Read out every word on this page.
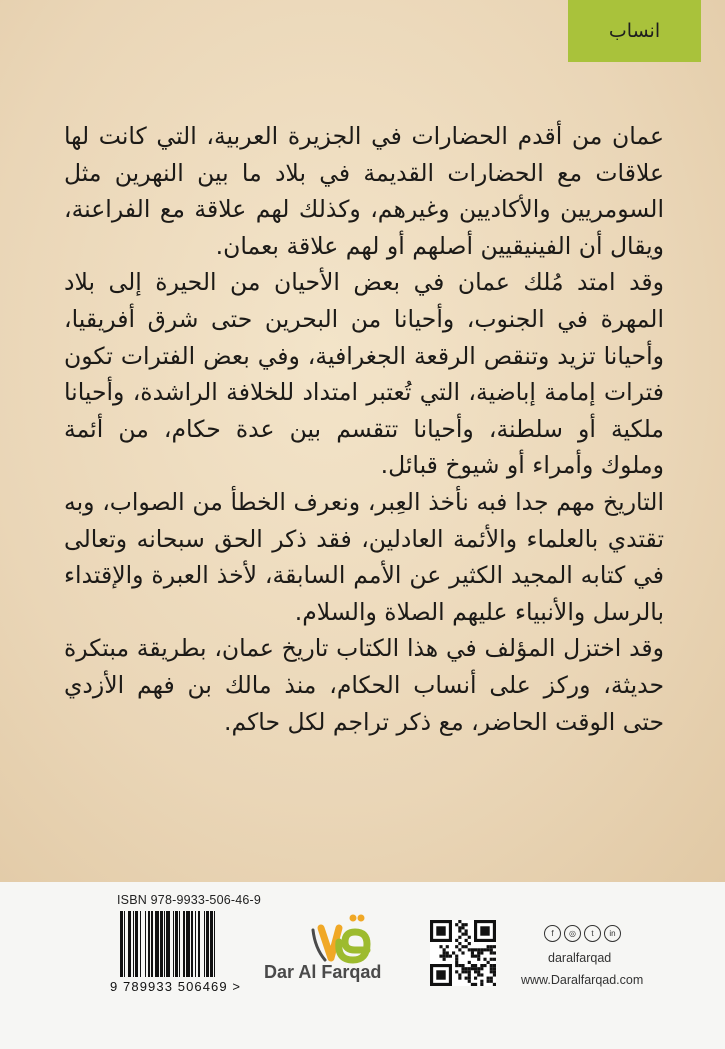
انساب

عمان من أقدم الحضارات في الجزيرة العربية، التي كانت لها علاقات مع الحضارات القديمة في بلاد ما بين النهرين مثل السومريين والأكاديين وغيرهم، وكذلك لهم علاقة مع الفراعنة، ويقال أن الفينيقيين أصلهم أو لهم علاقة بعمان.

وقد امتد مُلك عمان في بعض الأحيان من الحيرة إلى بلاد المهرة في الجنوب، وأحيانا من البحرين حتى شرق أفريقيا، وأحيانا تزيد وتنقص الرقعة الجغرافية، وفي بعض الفترات تكون فترات إمامة إباضية، التي تُعتبر امتداد للخلافة الراشدة، وأحيانا ملكية أو سلطنة، وأحيانا تتقسم بين عدة حكام، من أئمة وملوك وأمراء أو شيوخ قبائل.

التاريخ مهم جدا فبه نأخذ العِبر، ونعرف الخطأ من الصواب، وبه تقتدي بالعلماء والأئمة العادلين، فقد ذكر الحق سبحانه وتعالى في كتابه المجيد الكثير عن الأمم السابقة، لأخذ العبرة والإقتداء بالرسل والأنبياء عليهم الصلاة والسلام.

وقد اختزل المؤلف في هذا الكتاب تاريخ عمان، بطريقة مبتكرة حديثة، وركز على أنساب الحكام، منذ مالك بن فهم الأزدي حتى الوقت الحاضر، مع ذكر تراجم لكل حاكم.

ISBN 978-9933-506-46-9
9 789933 506469 >
Dar Al Farqad
f	◎	t	in
daralfarqad
www.Daralfarqad.com
